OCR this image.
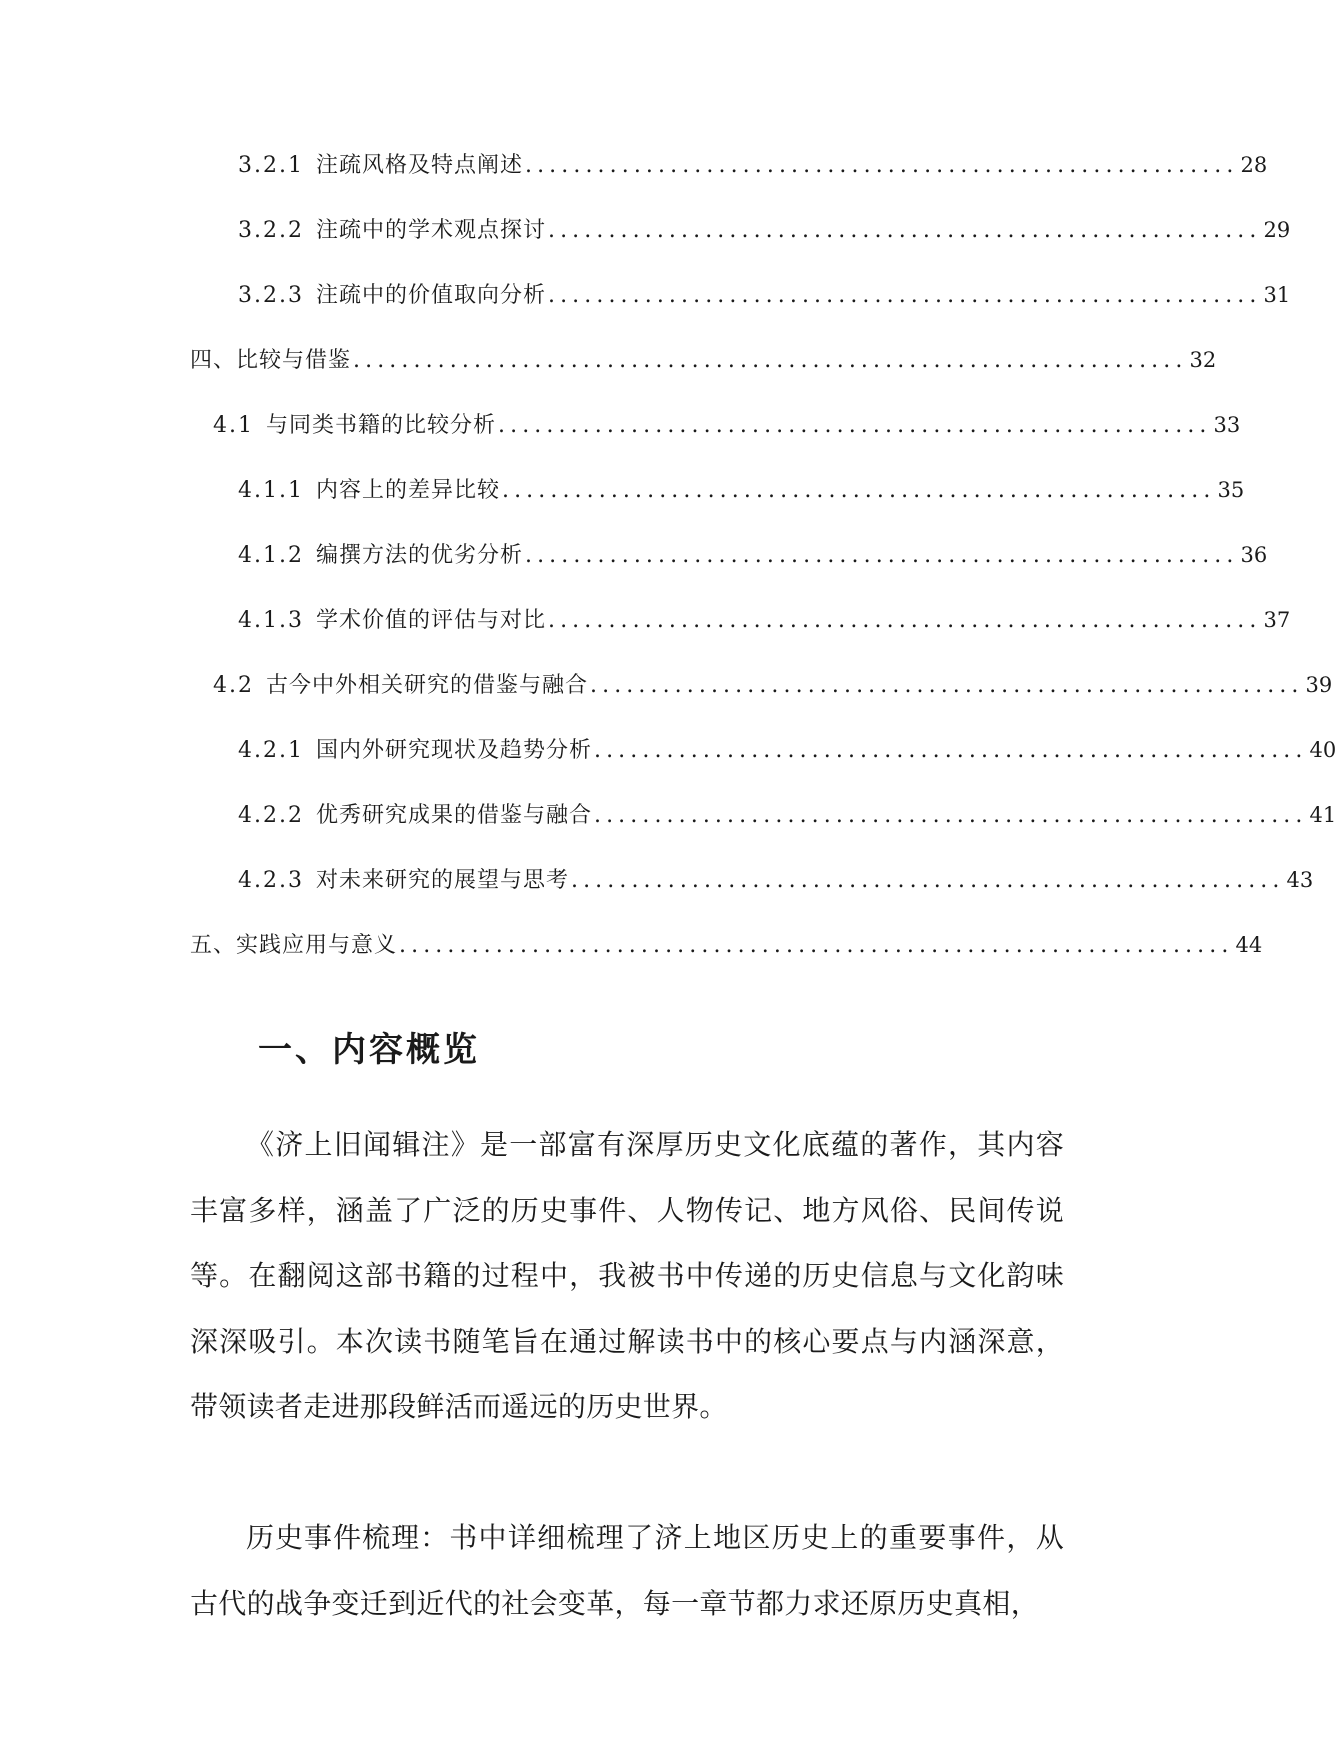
3.2.1 注疏风格及特点阐述 ........................................................... 28
3.2.2 注疏中的学术观点探讨 ........................................................... 29
3.2.3 注疏中的价值取向分析 ........................................................... 31
四、比较与借鉴 ..................................................................... 32
4.1 与同类书籍的比较分析 ........................................................... 33
4.1.1 内容上的差异比较 ........................................................... 35
4.1.2 编撰方法的优劣分析 ........................................................... 36
4.1.3 学术价值的评估与对比 ........................................................... 37
4.2 古今中外相关研究的借鉴与融合 ........................................................... 39
4.2.1 国内外研究现状及趋势分析 ........................................................... 40
4.2.2 优秀研究成果的借鉴与融合 ........................................................... 41
4.2.3 对未来研究的展望与思考 ........................................................... 43
五、实践应用与意义 ..................................................................... 44
一、内容概览

《济上旧闻辑注》是一部富有深厚历史文化底蕴的著作，其内容丰富多样，涵盖了广泛的历史事件、人物传记、地方风俗、民间传说等。在翻阅这部书籍的过程中，我被书中传递的历史信息与文化韵味深深吸引。本次读书随笔旨在通过解读书中的核心要点与内涵深意，带领读者走进那段鲜活而遥远的历史世界。

历史事件梳理：书中详细梳理了济上地区历史上的重要事件，从古代的战争变迁到近代的社会变革，每一章节都力求还原历史真相，
